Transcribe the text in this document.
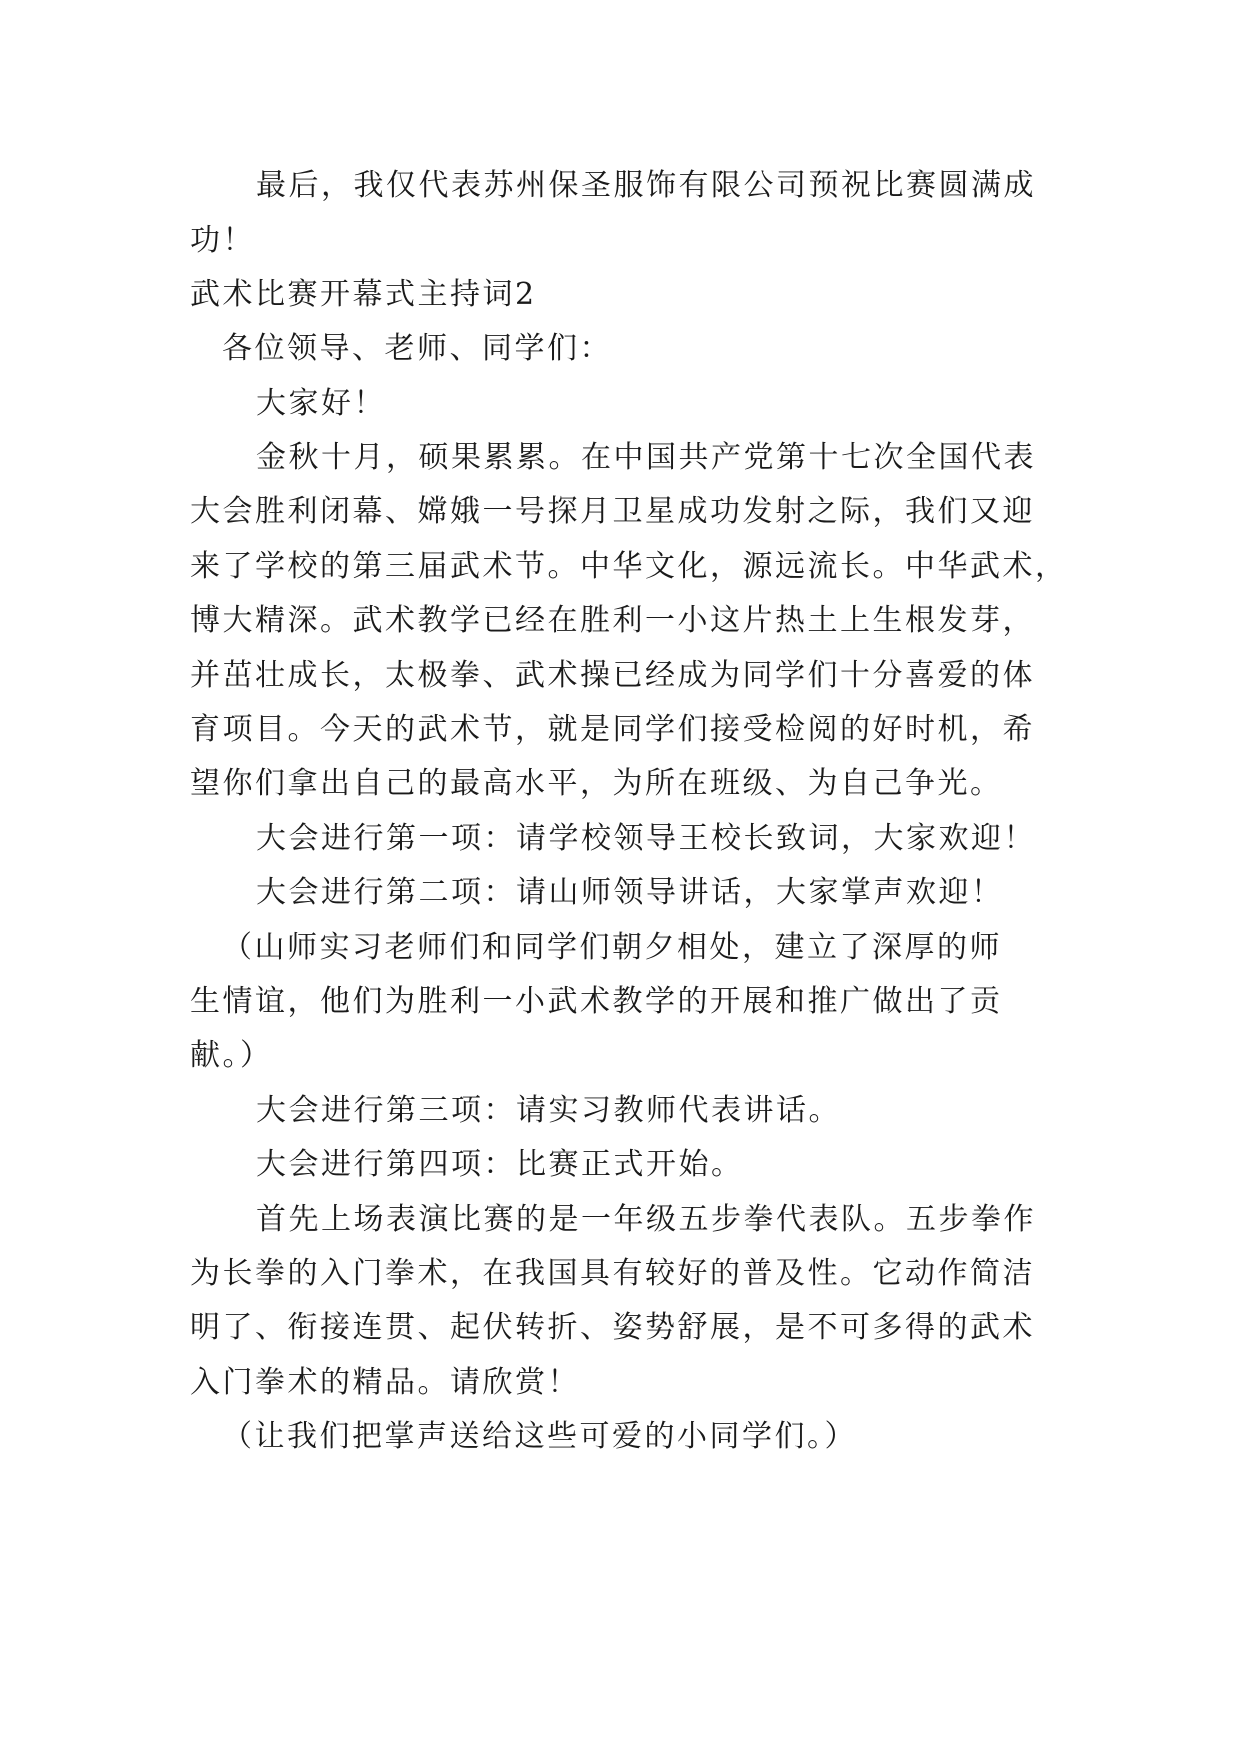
最后，我仅代表苏州保圣服饰有限公司预祝比赛圆满成
功！
武术比赛开幕式主持词2
各位领导、老师、同学们：
大家好！
金秋十月，硕果累累。在中国共产党第十七次全国代表
大会胜利闭幕、嫦娥一号探月卫星成功发射之际，我们又迎
来了学校的第三届武术节。中华文化，源远流长。中华武术，
博大精深。武术教学已经在胜利一小这片热土上生根发芽，
并茁壮成长，太极拳、武术操已经成为同学们十分喜爱的体
育项目。今天的武术节，就是同学们接受检阅的好时机，希
望你们拿出自己的最高水平，为所在班级、为自己争光。
大会进行第一项：请学校领导王校长致词，大家欢迎！
大会进行第二项：请山师领导讲话，大家掌声欢迎！
（山师实习老师们和同学们朝夕相处，建立了深厚的师
生情谊，他们为胜利一小武术教学的开展和推广做出了贡
献。）
大会进行第三项：请实习教师代表讲话。
大会进行第四项：比赛正式开始。
首先上场表演比赛的是一年级五步拳代表队。五步拳作
为长拳的入门拳术，在我国具有较好的普及性。它动作简洁
明了、衔接连贯、起伏转折、姿势舒展，是不可多得的武术
入门拳术的精品。请欣赏！
（让我们把掌声送给这些可爱的小同学们。）
